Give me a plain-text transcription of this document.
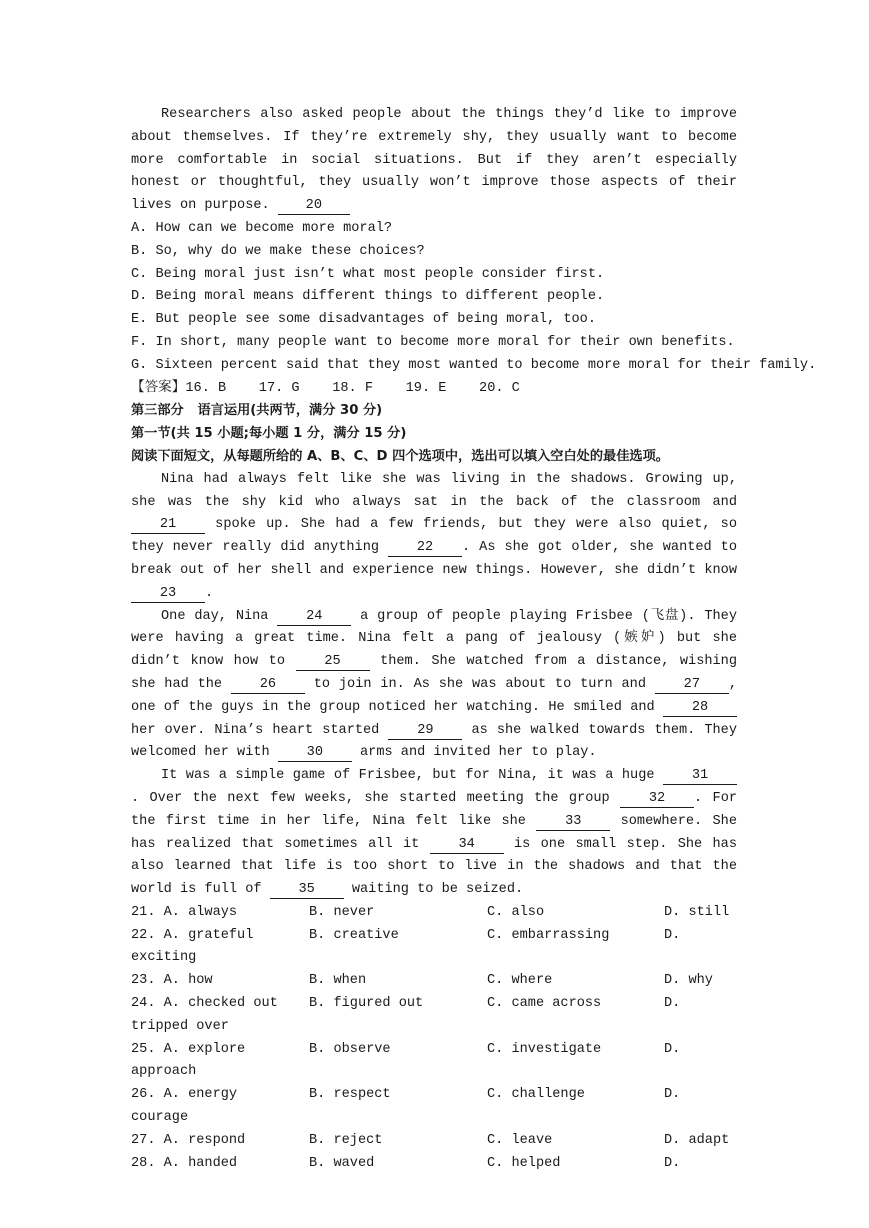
Researchers also asked people about the things they’d like to improve about themselves. If they’re extremely shy, they usually want to become more comfortable in social situations. But if they aren’t especially honest or thoughtful, they usually won’t improve those aspects of their lives on purpose. 20
A. How can we become more moral?
B. So, why do we make these choices?
C. Being moral just isn’t what most people consider first.
D. Being moral means different things to different people.
E. But people see some disadvantages of being moral, too.
F. In short, many people want to become more moral for their own benefits.
G. Sixteen percent said that they most wanted to become more moral for their family.
【答案】16. B    17. G    18. F    19. E    20. C
第三部分   语言运用(共两节，满分 30 分)
第一节(共 15 小题;每小题 1 分，满分 15 分)
阅读下面短文，从每题所给的 A、B、C、D 四个选项中，选出可以填入空白处的最佳选项。
Nina had always felt like she was living in the shadows. Growing up, she was the shy kid who always sat in the back of the classroom and 21 spoke up. She had a few friends, but they were also quiet, so they never really did anything 22 . As she got older, she wanted to break out of her shell and experience new things. However, she didn’t know 23 .
One day, Nina 24 a group of people playing Frisbee (飞盘). They were having a great time. Nina felt a pang of jealousy (嫉妒) but she didn’t know how to 25 them. She watched from a distance, wishing she had the 26 to join in. As she was about to turn and 27 , one of the guys in the group noticed her watching. He smiled and 28 her over. Nina’s heart started 29 as she walked towards them. They welcomed her with 30 arms and invited her to play.
It was a simple game of Frisbee, but for Nina, it was a huge 31. Over the next few weeks, she started meeting the group 32 . For the first time in her life, Nina felt like she 33 somewhere. She has realized that sometimes all it 34 is one small step. She has also learned that life is too short to live in the shadows and that the world is full of 35 waiting to be seized.
21. A. always	B. never	C. also	D. still
22. A. grateful	B. creative	C. embarrassing	D.
exciting
23. A. how	B. when	C. where	D. why
24. A. checked out B. figured out	C. came across	D.
tripped over
25. A. explore	B. observe	C. investigate	D.
approach
26. A. energy	B. respect	C. challenge	D.
courage
27. A. respond	B. reject	C. leave	D. adapt
28. A. handed	B. waved	C. helped	D.
